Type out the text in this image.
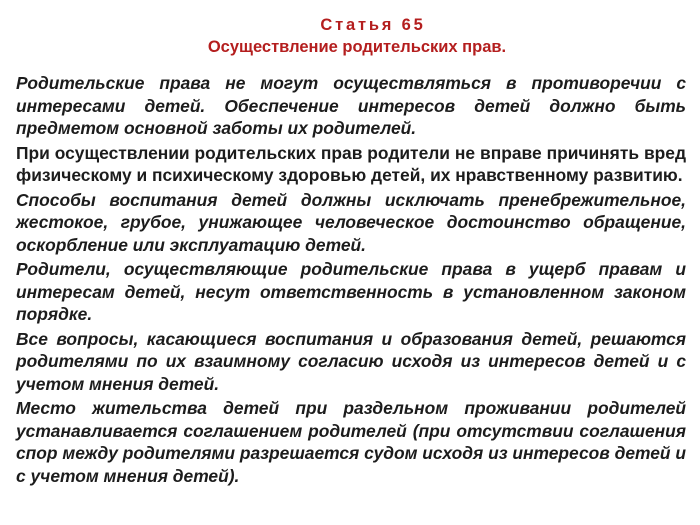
Статья 65
Осуществление родительских прав.

Родительские права не могут осуществляться в противоречии с интересами детей. Обеспечение интересов детей должно быть предметом основной заботы их родителей.

При осуществлении родительских прав родители не вправе причинять вред физическому и психическому здоровью детей, их нравственному развитию.

Способы воспитания детей должны исключать пренебрежительное, жестокое, грубое, унижающее человеческое достоинство обращение, оскорбление или эксплуатацию детей.

Родители, осуществляющие родительские права в ущерб правам и интересам детей, несут ответственность в установленном законом порядке.

Все вопросы, касающиеся воспитания и образования детей, решаются родителями по их взаимному согласию исходя из интересов детей и с учетом мнения детей.

Место жительства детей при раздельном проживании родителей устанавливается соглашением родителей (при отсутствии соглашения спор между родителями разрешается судом исходя из интересов детей и с учетом мнения детей).
